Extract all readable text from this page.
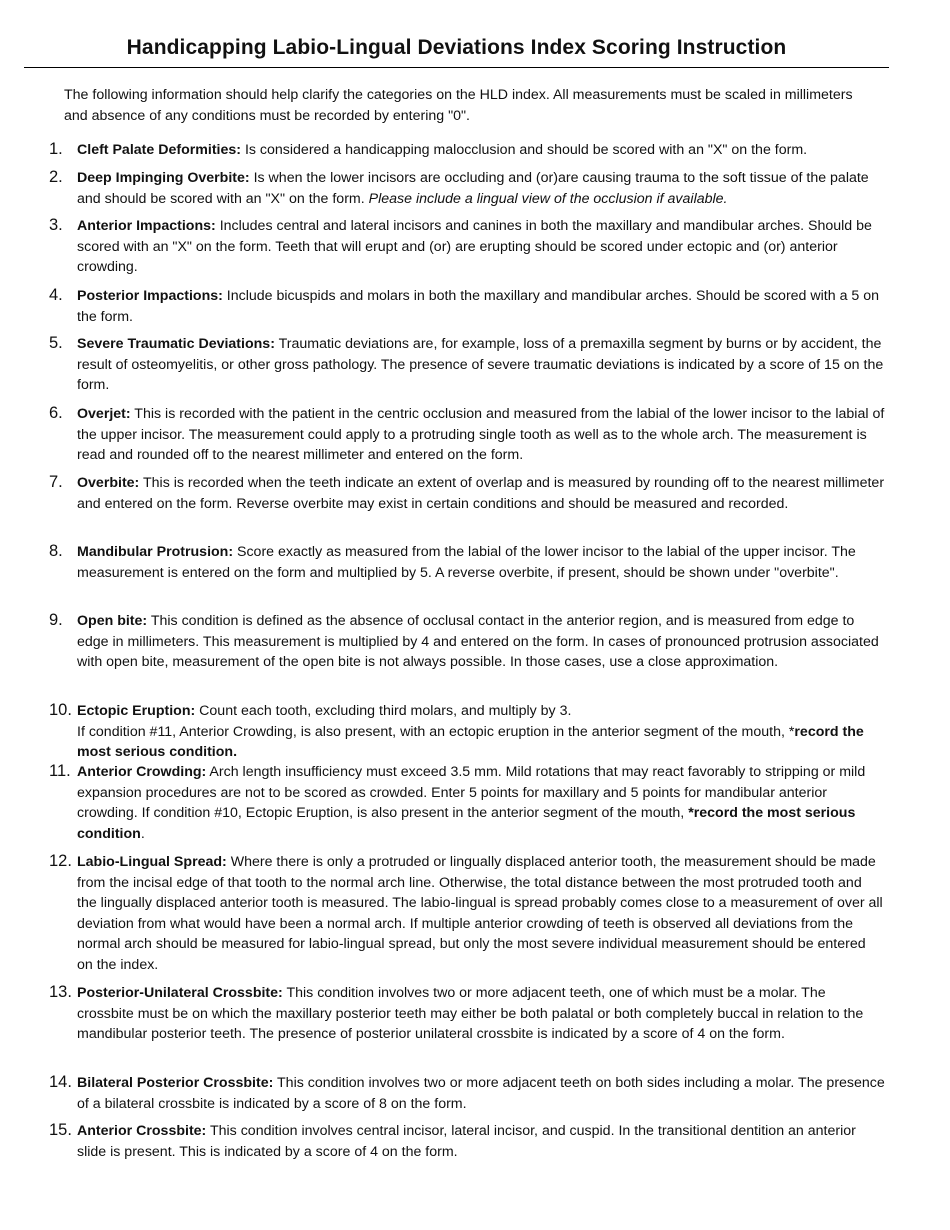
Handicapping Labio-Lingual Deviations Index Scoring Instruction
The following information should help clarify the categories on the HLD index. All measurements must be scaled in millimeters and absence of any conditions must be recorded by entering "0".
1. Cleft Palate Deformities: Is considered a handicapping malocclusion and should be scored with an "X" on the form.
2. Deep Impinging Overbite: Is when the lower incisors are occluding and (or)are causing trauma to the soft tissue of the palate and should be scored with an "X" on the form. Please include a lingual view of the occlusion if available.
3. Anterior Impactions: Includes central and lateral incisors and canines in both the maxillary and mandibular arches. Should be scored with an "X" on the form. Teeth that will erupt and (or) are erupting should be scored under ectopic and (or) anterior crowding.
4. Posterior Impactions: Include bicuspids and molars in both the maxillary and mandibular arches. Should be scored with a 5 on the form.
5. Severe Traumatic Deviations: Traumatic deviations are, for example, loss of a premaxilla segment by burns or by accident, the result of osteomyelitis, or other gross pathology. The presence of severe traumatic deviations is indicated by a score of 15 on the form.
6. Overjet: This is recorded with the patient in the centric occlusion and measured from the labial of the lower incisor to the labial of the upper incisor. The measurement could apply to a protruding single tooth as well as to the whole arch. The measurement is read and rounded off to the nearest millimeter and entered on the form.
7. Overbite: This is recorded when the teeth indicate an extent of overlap and is measured by rounding off to the nearest millimeter and entered on the form. Reverse overbite may exist in certain conditions and should be measured and recorded.
8. Mandibular Protrusion: Score exactly as measured from the labial of the lower incisor to the labial of the upper incisor. The measurement is entered on the form and multiplied by 5. A reverse overbite, if present, should be shown under "overbite".
9. Open bite: This condition is defined as the absence of occlusal contact in the anterior region, and is measured from edge to edge in millimeters. This measurement is multiplied by 4 and entered on the form. In cases of pronounced protrusion associated with open bite, measurement of the open bite is not always possible. In those cases, use a close approximation.
10. Ectopic Eruption: Count each tooth, excluding third molars, and multiply by 3.
If condition #11, Anterior Crowding, is also present, with an ectopic eruption in the anterior segment of the mouth, *record the most serious condition.
11. Anterior Crowding: Arch length insufficiency must exceed 3.5 mm. Mild rotations that may react favorably to stripping or mild expansion procedures are not to be scored as crowded. Enter 5 points for maxillary and 5 points for mandibular anterior crowding. If condition #10, Ectopic Eruption, is also present in the anterior segment of the mouth, *record the most serious condition.
12. Labio-Lingual Spread: Where there is only a protruded or lingually displaced anterior tooth, the measurement should be made from the incisal edge of that tooth to the normal arch line. Otherwise, the total distance between the most protruded tooth and the lingually displaced anterior tooth is measured. The labio-lingual is spread probably comes close to a measurement of over all deviation from what would have been a normal arch. If multiple anterior crowding of teeth is observed all deviations from the normal arch should be measured for labio-lingual spread, but only the most severe individual measurement should be entered on the index.
13. Posterior-Unilateral Crossbite: This condition involves two or more adjacent teeth, one of which must be a molar. The crossbite must be on which the maxillary posterior teeth may either be both palatal or both completely buccal in relation to the mandibular posterior teeth. The presence of posterior unilateral crossbite is indicated by a score of 4 on the form.
14. Bilateral Posterior Crossbite: This condition involves two or more adjacent teeth on both sides including a molar. The presence of a bilateral crossbite is indicated by a score of 8 on the form.
15. Anterior Crossbite: This condition involves central incisor, lateral incisor, and cuspid. In the transitional dentition an anterior slide is present. This is indicated by a score of 4 on the form.
